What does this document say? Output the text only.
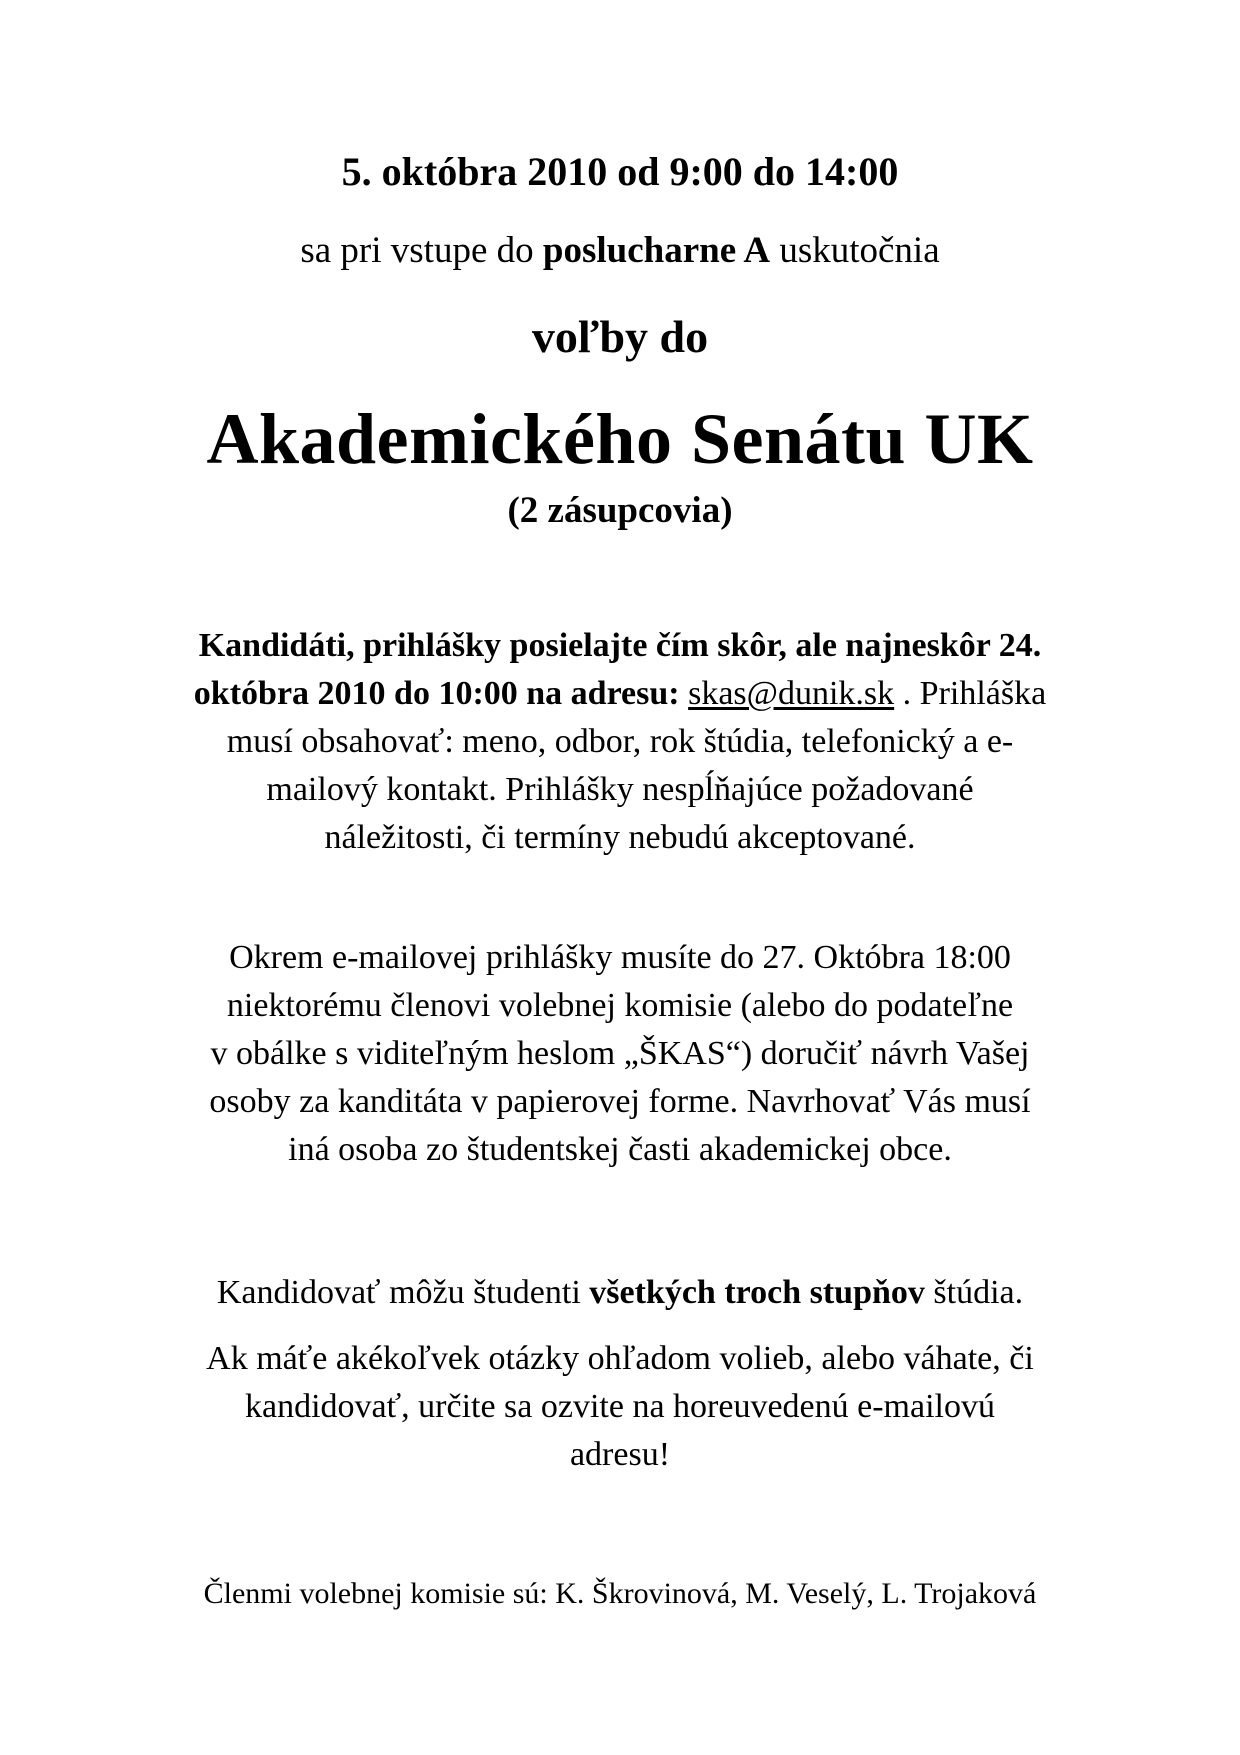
5. októbra 2010 od 9:00 do 14:00

sa pri vstupe do poslucharne A uskutočnia

voľby do

Akademického Senátu UK

(2 zásupcovia)

Kandidáti, prihlášky posielajte čím skôr, ale najneskôr 24.
októbra 2010 do 10:00 na adresu: skas@dunik.sk . Prihláška
musí obsahovať: meno, odbor, rok štúdia, telefonický a e-
mailový kontakt. Prihlášky nespĺňajúce požadované
náležitosti, či termíny nebudú akceptované.
Okrem e-mailovej prihlášky musíte do 27. Októbra 18:00
niektorému členovi volebnej komisie (alebo do podateľne
v obálke s viditeľným heslom „ŠKAS“) doručiť návrh Vašej
osoby za kanditáta v papierovej forme. Navrhovať Vás musí
iná osoba zo študentskej časti akademickej obce.

Kandidovať môžu študenti všetkých troch stupňov štúdia.

Ak máťe akékoľvek otázky ohľadom volieb, alebo váhate, či
kandidovať, určite sa ozvite na horeuvedenú e-mailovú
adresu!

Členmi volebnej komisie sú: K. Škrovinová, M. Veselý, L. Trojaková
